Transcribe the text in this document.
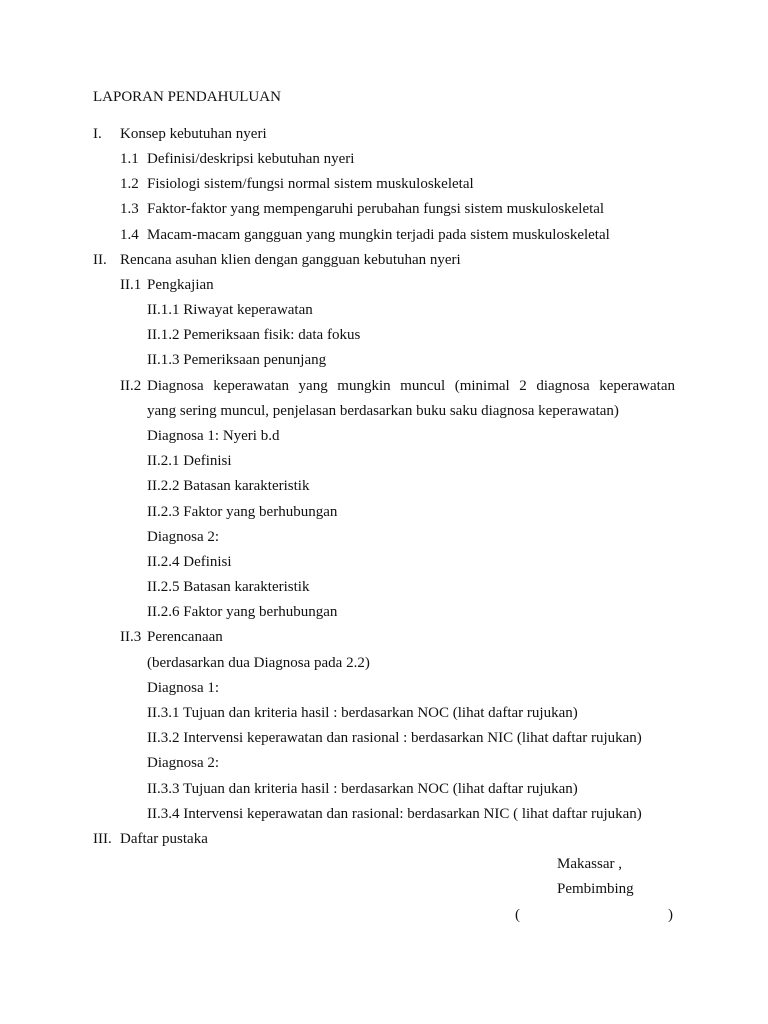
LAPORAN PENDAHULUAN
I. Konsep kebutuhan nyeri
1.1 Definisi/deskripsi kebutuhan nyeri
1.2 Fisiologi sistem/fungsi normal sistem muskuloskeletal
1.3 Faktor-faktor yang mempengaruhi perubahan fungsi sistem muskuloskeletal
1.4 Macam-macam gangguan yang mungkin terjadi pada sistem muskuloskeletal
II. Rencana asuhan klien dengan gangguan kebutuhan nyeri
II.1 Pengkajian
II.1.1 Riwayat keperawatan
II.1.2 Pemeriksaan fisik: data fokus
II.1.3 Pemeriksaan penunjang
II.2 Diagnosa keperawatan yang mungkin muncul (minimal 2 diagnosa keperawatan
yang sering muncul, penjelasan berdasarkan buku saku diagnosa keperawatan)
Diagnosa 1: Nyeri b.d
II.2.1 Definisi
II.2.2 Batasan karakteristik
II.2.3 Faktor yang berhubungan
Diagnosa 2:
II.2.4 Definisi
II.2.5 Batasan karakteristik
II.2.6 Faktor yang berhubungan
II.3 Perencanaan
(berdasarkan dua Diagnosa pada 2.2)
Diagnosa 1:
II.3.1 Tujuan dan kriteria hasil : berdasarkan NOC (lihat daftar rujukan)
II.3.2 Intervensi keperawatan dan rasional : berdasarkan NIC (lihat daftar rujukan)
Diagnosa 2:
II.3.3 Tujuan dan kriteria hasil : berdasarkan NOC (lihat daftar rujukan)
II.3.4 Intervensi keperawatan dan rasional: berdasarkan NIC ( lihat daftar rujukan)
III. Daftar pustaka
Makassar ,
Pembimbing
(	)
